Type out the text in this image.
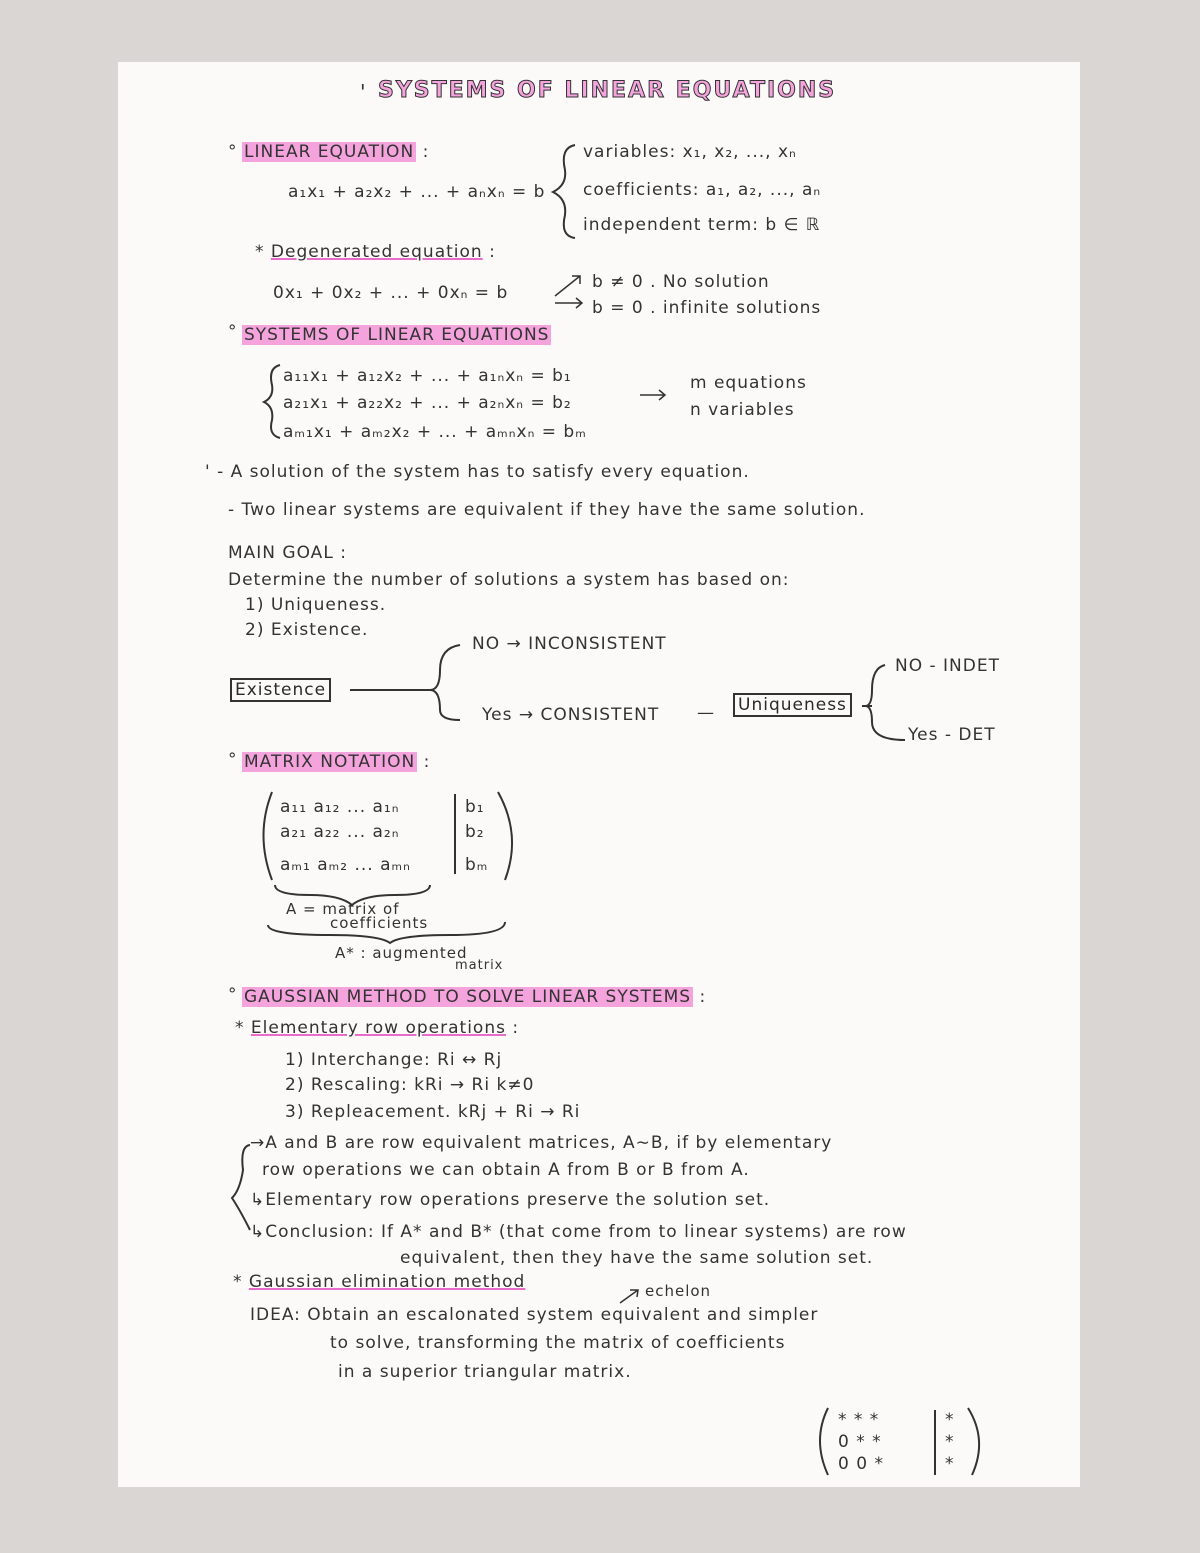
' SYSTEMS OF LINEAR EQUATIONS
° LINEAR EQUATION :
a₁x₁ + a₂x₂ + ... + aₙxₙ = b
variables: x₁, x₂, ..., xₙ
coefficients: a₁, a₂, ..., aₙ
independent term: b ∈ ℝ
* Degenerated equation :
0x₁ + 0x₂ + ... + 0xₙ = b
b ≠ 0 . No solution
b = 0 . infinite solutions
° SYSTEMS OF LINEAR EQUATIONS
a₁₁x₁ + a₁₂x₂ + ... + a₁ₙxₙ = b₁
a₂₁x₁ + a₂₂x₂ + ... + a₂ₙxₙ = b₂
aₘ₁x₁ + aₘ₂x₂ + ... + aₘₙxₙ = bₘ
m equations
n variables
' - A solution of the system has to satisfy every equation.
- Two linear systems are equivalent if they have the same solution.
MAIN GOAL :
Determine the number of solutions a system has based on:
1) Uniqueness.
2) Existence.
Existence
NO → INCONSISTENT
Yes → CONSISTENT — Uniqueness
NO - INDET
Yes - DET
° MATRIX NOTATION :
a₁₁ a₁₂ ... a₁ₙ
a₂₁ a₂₂ ... a₂ₙ
aₘ₁ aₘ₂ ... aₘₙ
b₁
b₂
bₘ
A = matrix of
coefficients
A* : augmented
matrix
° GAUSSIAN METHOD TO SOLVE LINEAR SYSTEMS :
* Elementary row operations :
1) Interchange: Ri ↔ Rj
2) Rescaling: kRi → Ri k≠0
3) Repleacement. kRj + Ri → Ri
→A and B are row equivalent matrices, A∼B, if by elementary
row operations we can obtain A from B or B from A.
↳Elementary row operations preserve the solution set.
↳Conclusion: If A* and B* (that come from to linear systems) are row
equivalent, then they have the same solution set.
* Gaussian elimination method	echelon
IDEA: Obtain an escalonated system equivalent and simpler
to solve, transforming the matrix of coefficients
in a superior triangular matrix.
* * *
0 * *
0 0 *
*
*
*
